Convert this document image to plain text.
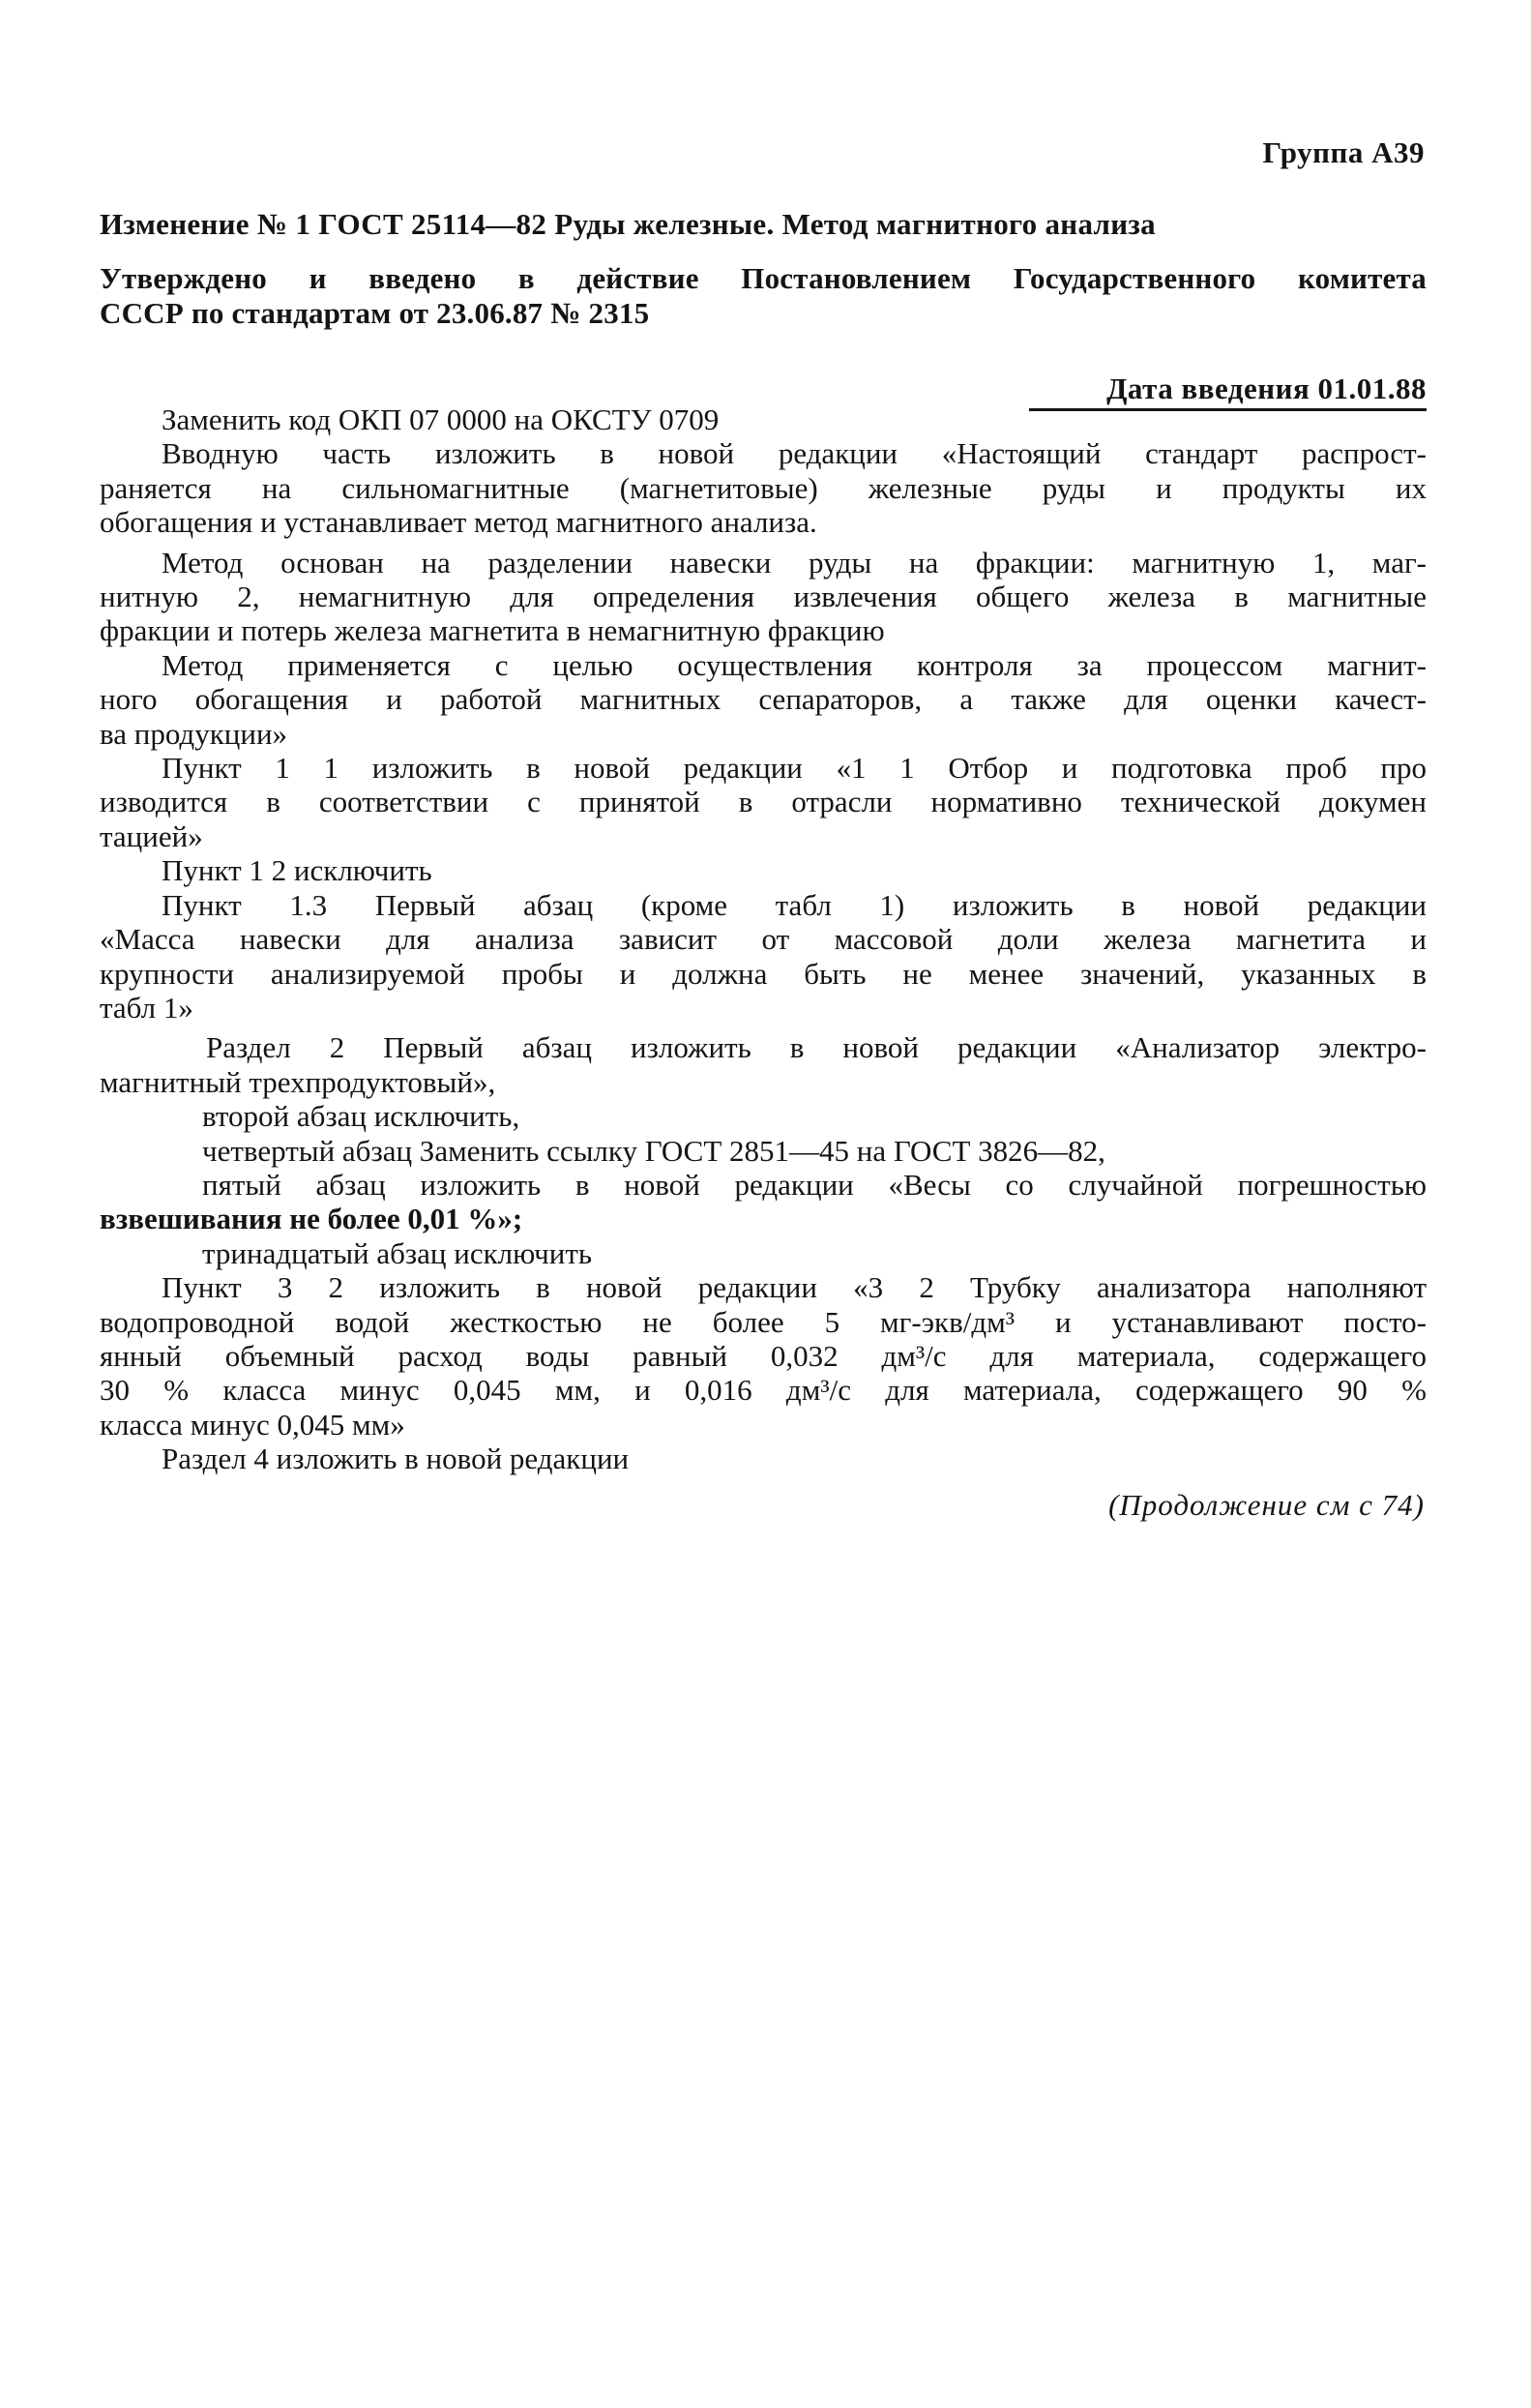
Группа А39
Изменение № 1 ГОСТ 25114—82 Руды железные. Метод магнитного анализа
Утверждено и введено в действие Постановлением Государственного комитета
СССР по стандартам от 23.06.87 № 2315
Дата введения 01.01.88
Заменить код ОКП 07 0000 на ОКСТУ 0709
Вводную часть изложить в новой редакции «Настоящий стандарт распрост-
раняется на сильномагнитные (магнетитовые) железные руды и продукты их
обогащения и устанавливает метод магнитного анализа.
Метод основан на разделении навески руды на фракции: магнитную 1, маг-
нитную 2, немагнитную для определения извлечения общего железа в магнитные
фракции и потерь железа магнетита в немагнитную фракцию
Метод применяется с целью осуществления контроля за процессом магнит-
ного обогащения и работой магнитных сепараторов, а также для оценки качест-
ва продукции»
Пункт 1 1 изложить в новой редакции «1 1 Отбор и подготовка проб про
изводится в соответствии с принятой в отрасли нормативно технической докумен
тацией»
Пункт 1 2 исключить
Пункт 1.3 Первый абзац (кроме табл 1) изложить в новой редакции
«Масса навески для анализа зависит от массовой доли железа магнетита и
крупности анализируемой пробы и должна быть не менее значений, указанных в
табл 1»
Раздел 2 Первый абзац изложить в новой редакции «Анализатор электро-
магнитный трехпродуктовый»,
второй абзац исключить,
четвертый абзац Заменить ссылку ГОСТ 2851—45 на ГОСТ 3826—82,
пятый абзац изложить в новой редакции «Весы со случайной погрешностью
взвешивания не более 0,01 %»;
тринадцатый абзац исключить
Пункт 3 2 изложить в новой редакции «3 2 Трубку анализатора наполняют
водопроводной водой жесткостью не более 5 мг-экв/дм³ и устанавливают посто-
янный объемный расход воды равный 0,032 дм³/с для материала, содержащего
30 % класса минус 0,045 мм, и 0,016 дм³/с для материала, содержащего 90 %
класса минус 0,045 мм»
Раздел 4 изложить в новой редакции
(Продолжение см с 74)
